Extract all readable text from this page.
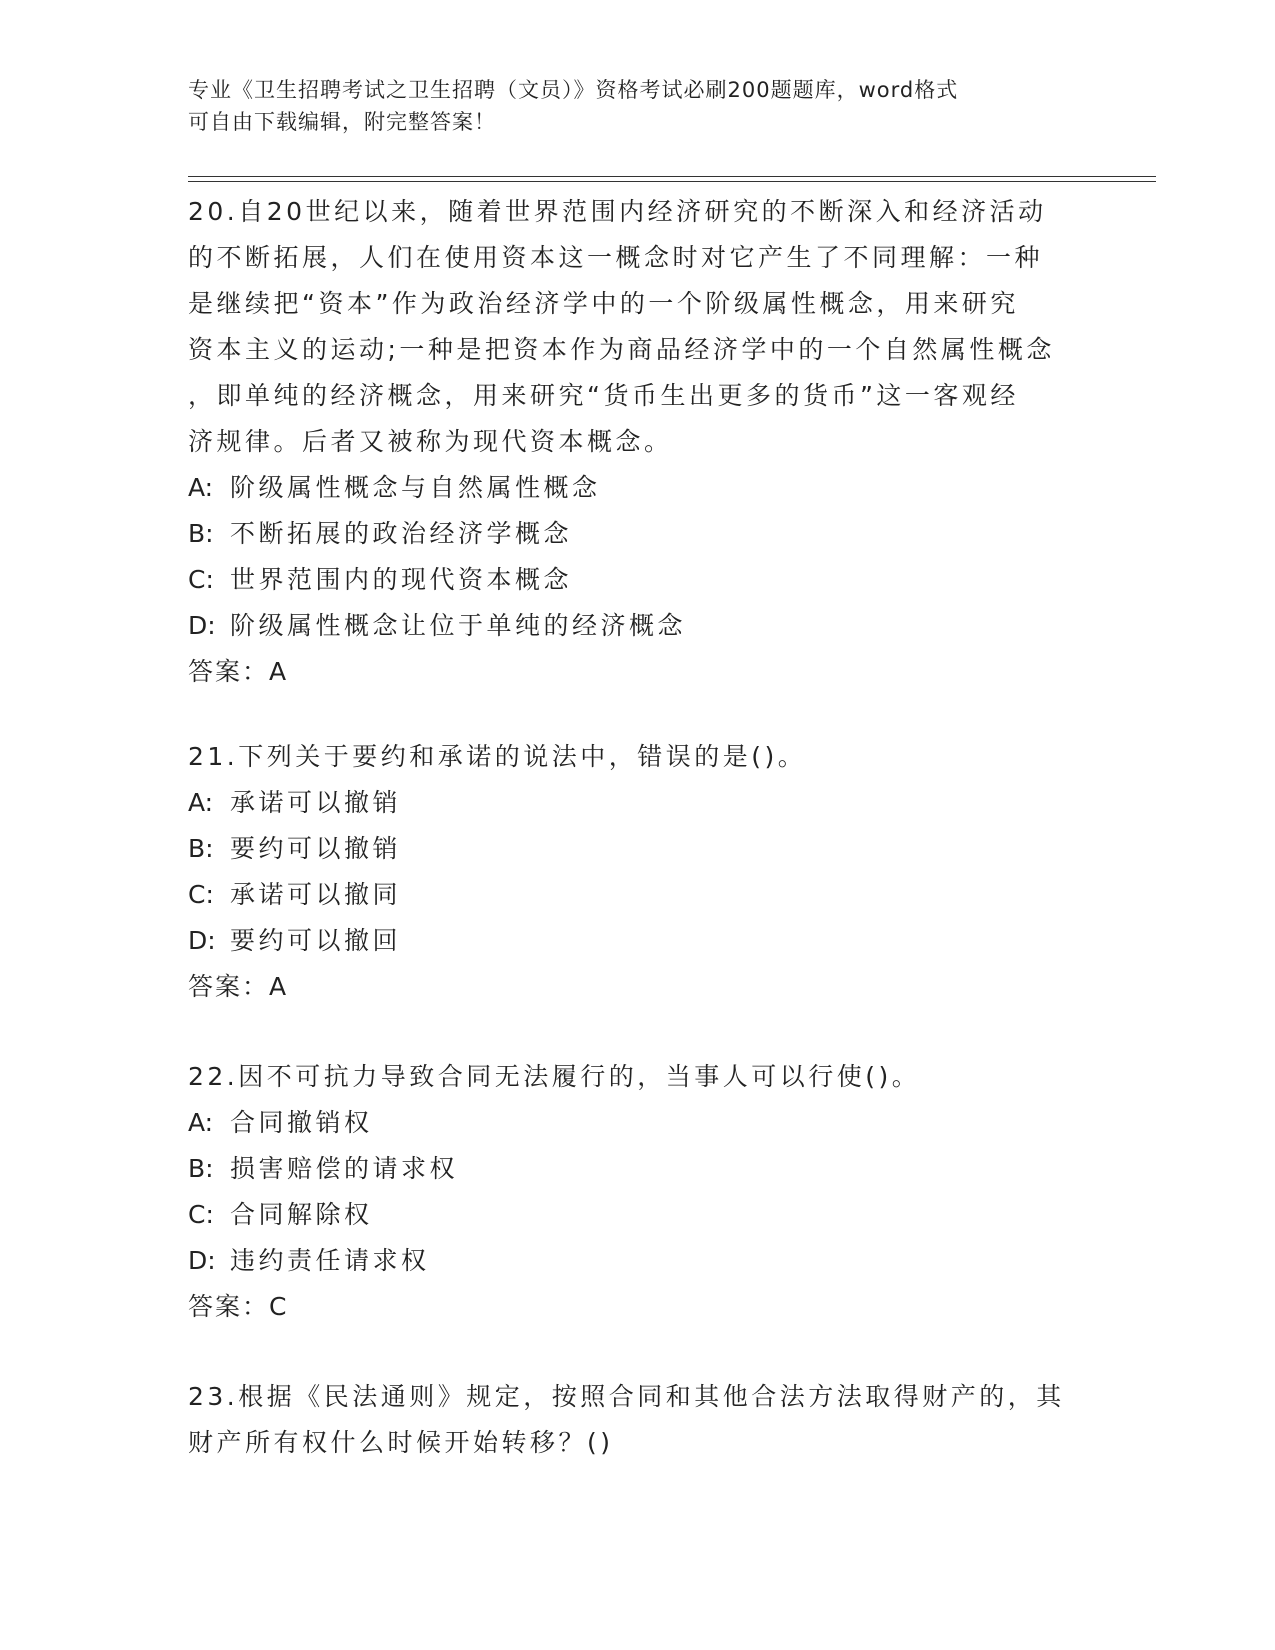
专业《卫生招聘考试之卫生招聘（文员）》资格考试必刷200题题库，word格式
可自由下载编辑，附完整答案！

20.自20世纪以来，随着世界范围内经济研究的不断深入和经济活动

的不断拓展，人们在使用资本这一概念时对它产生了不同理解：一种

是继续把“资本”作为政治经济学中的一个阶级属性概念，用来研究

资本主义的运动;一种是把资本作为商品经济学中的一个自然属性概念

，即单纯的经济概念，用来研究“货币生出更多的货币”这一客观经

济规律。后者又被称为现代资本概念。

A: 阶级属性概念与自然属性概念

B: 不断拓展的政治经济学概念

C: 世界范围内的现代资本概念

D: 阶级属性概念让位于单纯的经济概念

答案：A

21.下列关于要约和承诺的说法中，错误的是()。

A: 承诺可以撤销

B: 要约可以撤销

C: 承诺可以撤同

D: 要约可以撤回

答案：A

22.因不可抗力导致合同无法履行的，当事人可以行使()。

A: 合同撤销权

B: 损害赔偿的请求权

C: 合同解除权

D: 违约责任请求权

答案：C

23.根据《民法通则》规定，按照合同和其他合法方法取得财产的，其

财产所有权什么时候开始转移？()
